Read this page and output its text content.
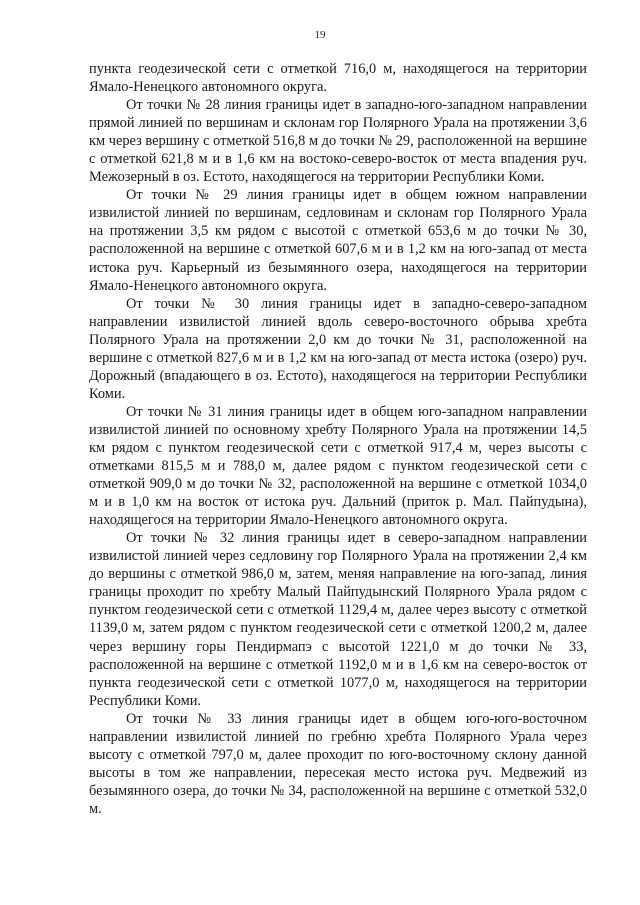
19

пункта геодезической сети с отметкой 716,0 м, находящегося на территории Ямало-Ненецкого автономного округа.

От точки № 28 линия границы идет в западно-юго-западном направлении прямой линией по вершинам и склонам гор Полярного Урала на протяжении 3,6 км через вершину с отметкой 516,8 м до точки № 29, расположенной на вершине с отметкой 621,8 м и в 1,6 км на востоко-северо-восток от места впадения руч. Межозерный в оз. Естото, находящегося на территории Республики Коми.

От точки № 29 линия границы идет в общем южном направлении извилистой линией по вершинам, седловинам и склонам гор Полярного Урала на протяжении 3,5 км рядом с высотой с отметкой 653,6 м до точки № 30, расположенной на вершине с отметкой 607,6 м и в 1,2 км на юго-запад от места истока руч. Карьерный из безымянного озера, находящегося на территории Ямало-Ненецкого автономного округа.

От точки № 30 линия границы идет в западно-северо-западном направлении извилистой линией вдоль северо-восточного обрыва хребта Полярного Урала на протяжении 2,0 км до точки № 31, расположенной на вершине с отметкой 827,6 м и в 1,2 км на юго-запад от места истока (озеро) руч. Дорожный (впадающего в оз. Естото), находящегося на территории Республики Коми.

От точки № 31 линия границы идет в общем юго-западном направлении извилистой линией по основному хребту Полярного Урала на протяжении 14,5 км рядом с пунктом геодезической сети с отметкой 917,4 м, через высоты с отметками 815,5 м и 788,0 м, далее рядом с пунктом геодезической сети с отметкой 909,0 м до точки № 32, расположенной на вершине с отметкой 1034,0 м и в 1,0 км на восток от истока руч. Дальний (приток р. Мал. Пайпудына), находящегося на территории Ямало-Ненецкого автономного округа.

От точки № 32 линия границы идет в северо-западном направлении извилистой линией через седловину гор Полярного Урала на протяжении 2,4 км до вершины с отметкой 986,0 м, затем, меняя направление на юго-запад, линия границы проходит по хребту Малый Пайпудынский Полярного Урала рядом с пунктом геодезической сети с отметкой 1129,4 м, далее через высоту с отметкой 1139,0 м, затем рядом с пунктом геодезической сети с отметкой 1200,2 м, далее через вершину горы Пендирмапэ с высотой 1221,0 м до точки № 33, расположенной на вершине с отметкой 1192,0 м и в 1,6 км на северо-восток от пункта геодезической сети с отметкой 1077,0 м, находящегося на территории Республики Коми.

От точки № 33 линия границы идет в общем юго-юго-восточном направлении извилистой линией по гребню хребта Полярного Урала через высоту с отметкой 797,0 м, далее проходит по юго-восточному склону данной высоты в том же направлении, пересекая место истока руч. Медвежий из безымянного озера, до точки № 34, расположенной на вершине с отметкой 532,0 м.
